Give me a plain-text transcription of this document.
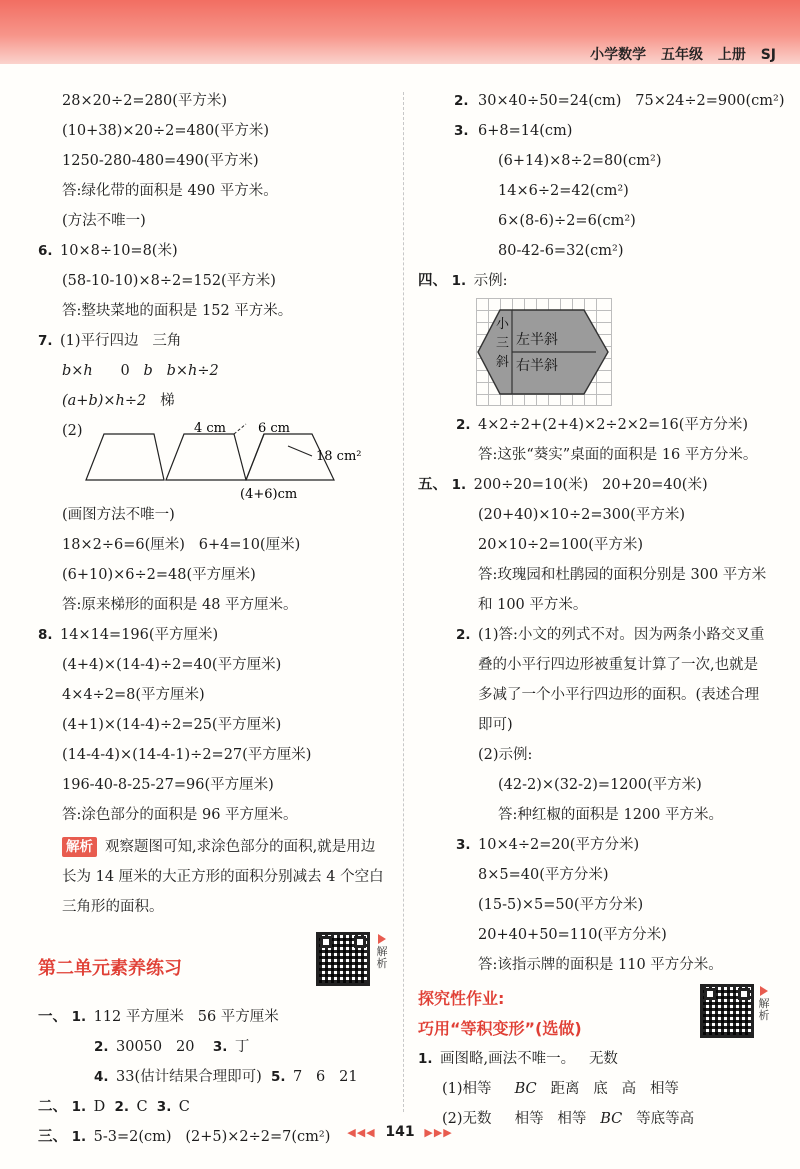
小学数学 五年级 上册 SJ
28×20÷2=280(平方米)
(10+38)×20÷2=480(平方米)
1250-280-480=490(平方米)
答:绿化带的面积是 490 平方米。
(方法不唯一)
6. 10×8÷10=8(米)
(58-10-10)×8÷2=152(平方米)
答:整块菜地的面积是 152 平方米。
7. (1)平行四边 三角
b×h 0 b b×h÷2
(a+b)×h÷2 梯
(2)	4 cm 6 cm
18 cm²
(4+6)cm
(画图方法不唯一)
18×2÷6=6(厘米) 6+4=10(厘米)
(6+10)×6÷2=48(平方厘米)
答:原来梯形的面积是 48 平方厘米。
8. 14×14=196(平方厘米)
(4+4)×(14-4)÷2=40(平方厘米)
4×4÷2=8(平方厘米)
(4+1)×(14-4)÷2=25(平方厘米)
(14-4-4)×(14-4-1)÷2=27(平方厘米)
196-40-8-25-27=96(平方厘米)
答:涂色部分的面积是 96 平方厘米。
解析 观察题图可知,求涂色部分的面积,就是用边长为 14 厘米的大正方形的面积分别减去 4 个空白三角形的面积。
第二单元素养练习
解析
一、 1. 112 平方厘米 56 平方厘米
2. 30050 20 3. 丁
4. 33(估计结果合理即可) 5. 7 6 21
二、 1. D 2. C 3. C
三、 1. 5-3=2(cm) (2+5)×2÷2=7(cm²)
2. 30×40÷50=24(cm) 75×24÷2=900(cm²)
3. 6+8=14(cm)
(6+14)×8÷2=80(cm²)
14×6÷2=42(cm²)
6×(8-6)÷2=6(cm²)
80-42-6=32(cm²)
四、 1. 示例:
小
三
斜
左半斜
右半斜
2. 4×2÷2+(2+4)×2÷2×2=16(平方分米)
答:这张“葵实”桌面的面积是 16 平方分米。
五、 1. 200÷20=10(米) 20+20=40(米)
(20+40)×10÷2=300(平方米)
20×10÷2=100(平方米)
答:玫瑰园和杜鹃园的面积分别是 300 平方米和 100 平方米。
2. (1)答:小文的列式不对。因为两条小路交叉重叠的小平行四边形被重复计算了一次,也就是多减了一个小平行四边形的面积。(表述合理即可)
(2)示例:
(42-2)×(32-2)=1200(平方米)
答:种红椒的面积是 1200 平方米。
3. 10×4÷2=20(平方分米)
8×5=40(平方分米)
(15-5)×5=50(平方分米)
20+40+50=110(平方分米)
答:该指示牌的面积是 110 平方分米。
探究性作业:
巧用“等积变形”(选做)
解析
1. 画图略,画法不唯一。 无数
(1)相等 BC 距离 底 高 相等
(2)无数 相等 相等 BC 等底等高
◀◀◀ 141 ▶▶▶
